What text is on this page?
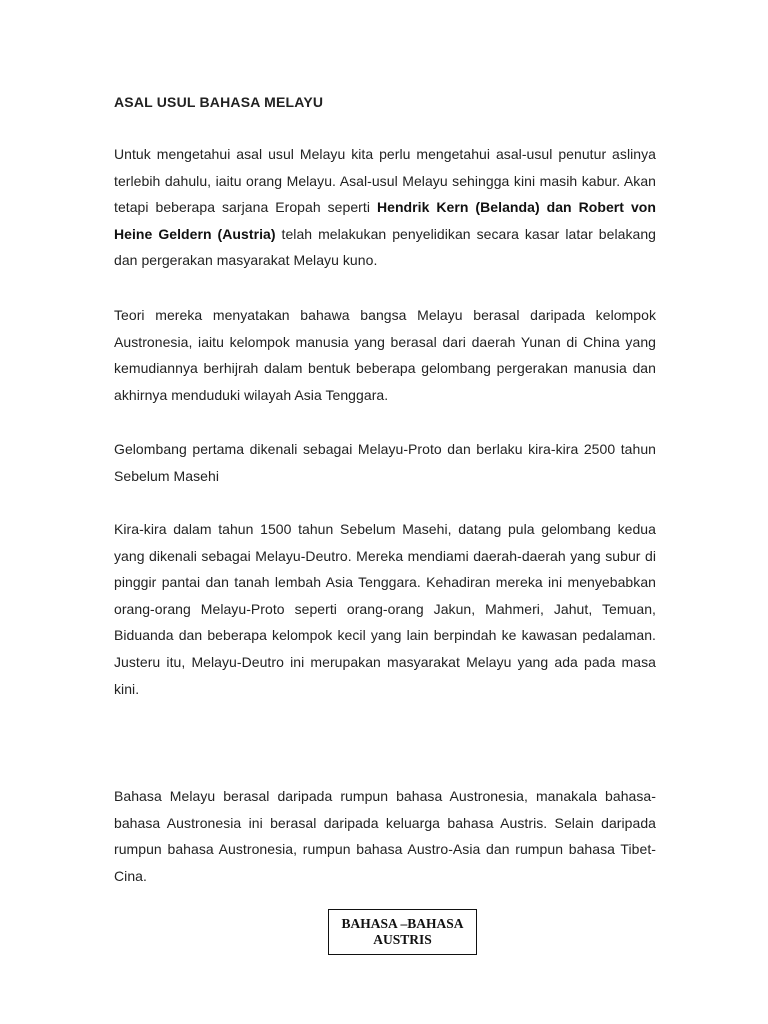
ASAL USUL BAHASA MELAYU

Untuk mengetahui asal usul Melayu kita perlu mengetahui asal-usul penutur aslinya terlebih dahulu, iaitu orang Melayu. Asal-usul Melayu sehingga kini masih kabur. Akan tetapi beberapa sarjana Eropah seperti Hendrik Kern (Belanda) dan Robert von Heine Geldern (Austria) telah melakukan penyelidikan secara kasar latar belakang dan pergerakan masyarakat Melayu kuno.

Teori mereka menyatakan bahawa bangsa Melayu berasal daripada kelompok Austronesia, iaitu kelompok manusia yang berasal dari daerah Yunan di China yang kemudiannya berhijrah dalam bentuk beberapa gelombang pergerakan manusia dan akhirnya menduduki wilayah Asia Tenggara.

Gelombang pertama dikenali sebagai Melayu-Proto dan berlaku kira-kira 2500 tahun Sebelum Masehi

Kira-kira dalam tahun 1500 tahun Sebelum Masehi, datang pula gelombang kedua yang dikenali sebagai Melayu-Deutro. Mereka mendiami daerah-daerah yang subur di pinggir pantai dan tanah lembah Asia Tenggara. Kehadiran mereka ini menyebabkan orang-orang Melayu-Proto seperti orang-orang Jakun, Mahmeri, Jahut, Temuan, Biduanda dan beberapa kelompok kecil yang lain berpindah ke kawasan pedalaman. Justeru itu, Melayu-Deutro ini merupakan masyarakat Melayu yang ada pada masa kini.

Bahasa Melayu berasal daripada rumpun bahasa Austronesia, manakala bahasa-bahasa Austronesia ini berasal daripada keluarga bahasa Austris. Selain daripada rumpun bahasa Austronesia, rumpun bahasa Austro-Asia dan rumpun bahasa Tibet-Cina.

BAHASA –BAHASA
AUSTRIS
